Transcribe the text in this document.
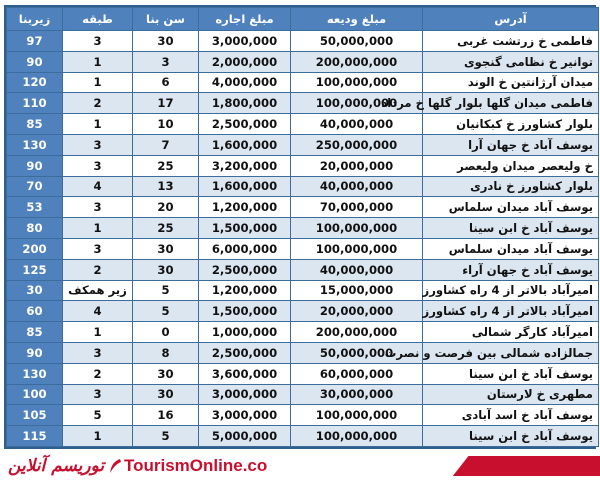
آدرس	مبلغ ودیعه	مبلغ اجاره	سن بنا	طبقه	زیربنا
فاطمی خ زرتشت غربی	50,000,000	3,000,000	30	3	97
توانیر خ نظامی گنجوی	200,000,000	2,000,000	3	1	90
میدان آرژانتین خ الوند	100,000,000	4,000,000	6	1	120
فاطمی میدان گلها بلوار گلها خ مرداد	100,000,000	1,800,000	17	2	110
بلوار کشاورز خ کبکانیان	40,000,000	2,500,000	10	1	85
یوسف آباد خ جهان آرا	250,000,000	1,600,000	7	3	130
خ ولیعصر میدان ولیعصر	20,000,000	3,200,000	25	3	90
بلوار کشاورز خ نادری	40,000,000	1,600,000	13	4	70
یوسف آباد میدان سلماس	70,000,000	1,200,000	20	3	53
یوسف آباد خ ابن سینا	100,000,000	1,500,000	25	1	80
یوسف آباد میدان سلماس	100,000,000	6,000,000	30	3	200
یوسف آباد خ جهان آراء	40,000,000	2,500,000	30	2	125
امیرآباد بالاتر از 4 راه کشاورز	15,000,000	1,200,000	5	زیر همکف	30
امیرآباد بالاتر از 4 راه کشاورز	20,000,000	1,500,000	5	4	60
امیرآباد کارگر شمالی	200,000,000	1,000,000	0	1	85
جمالزاده شمالی بین فرصت و نصرت	50,000,000	2,500,000	8	3	90
یوسف آباد خ ابن سینا	60,000,000	3,600,000	30	2	130
مطهری خ لارستان	30,000,000	3,000,000	30	3	100
یوسف آباد خ اسد آبادی	100,000,000	3,000,000	16	5	105
یوسف آباد خ ابن سینا	100,000,000	5,000,000	5	1	115
توریسم آنلاین TourismOnline.co
